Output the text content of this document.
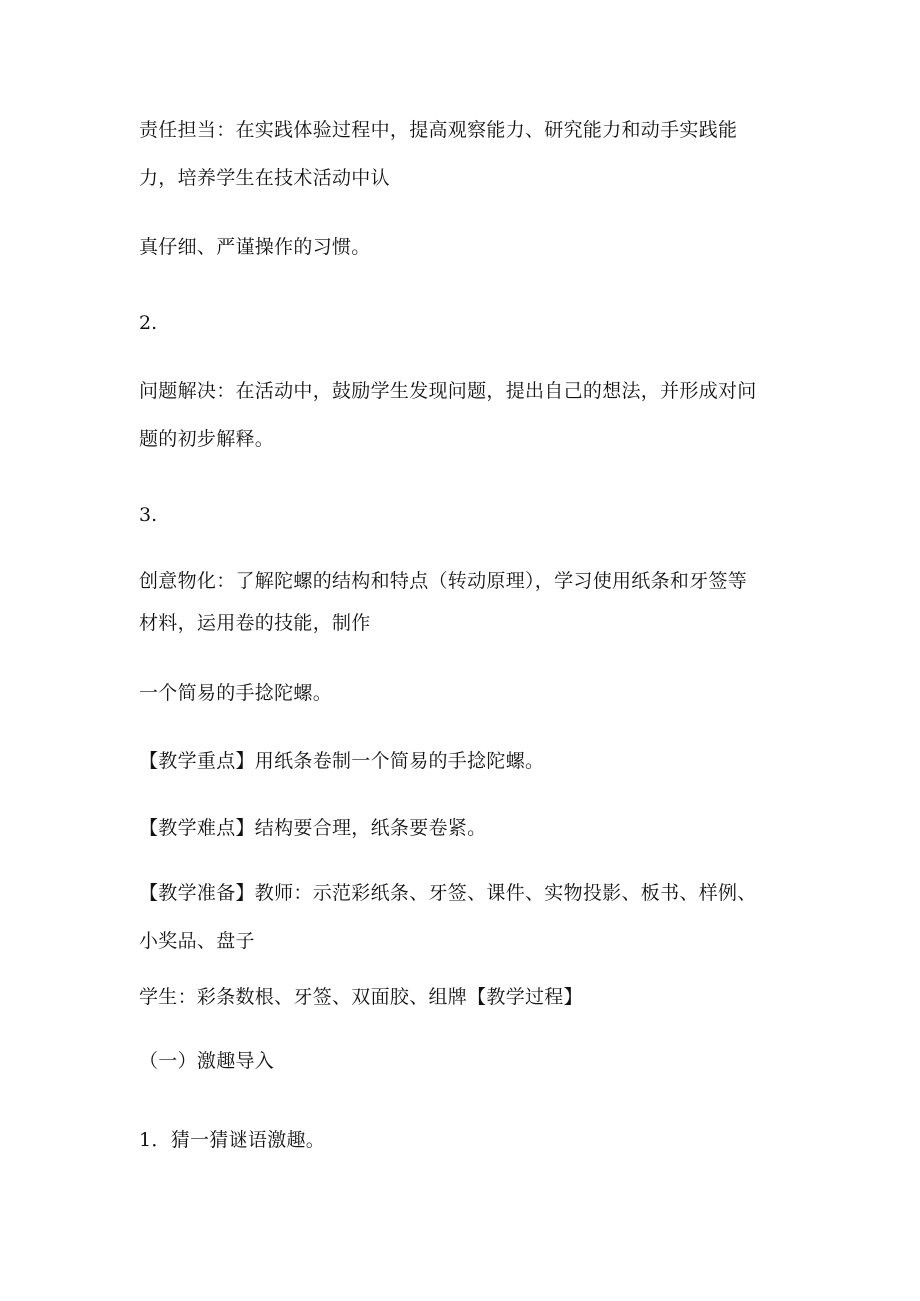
责任担当：在实践体验过程中，提高观察能力、研究能力和动手实践能
力，培养学生在技术活动中认
真仔细、严谨操作的习惯。
2.
问题解决：在活动中，鼓励学生发现问题，提出自己的想法，并形成对问
题的初步解释。
3.
创意物化：了解陀螺的结构和特点（转动原理），学习使用纸条和牙签等
材料，运用卷的技能，制作
一个简易的手捻陀螺。
【教学重点】用纸条卷制一个简易的手捻陀螺。
【教学难点】结构要合理，纸条要卷紧。
【教学准备】教师：示范彩纸条、牙签、课件、实物投影、板书、样例、
小奖品、盘子
学生：彩条数根、牙签、双面胶、组牌【教学过程】
（一）激趣导入
1．猜一猜谜语激趣。
